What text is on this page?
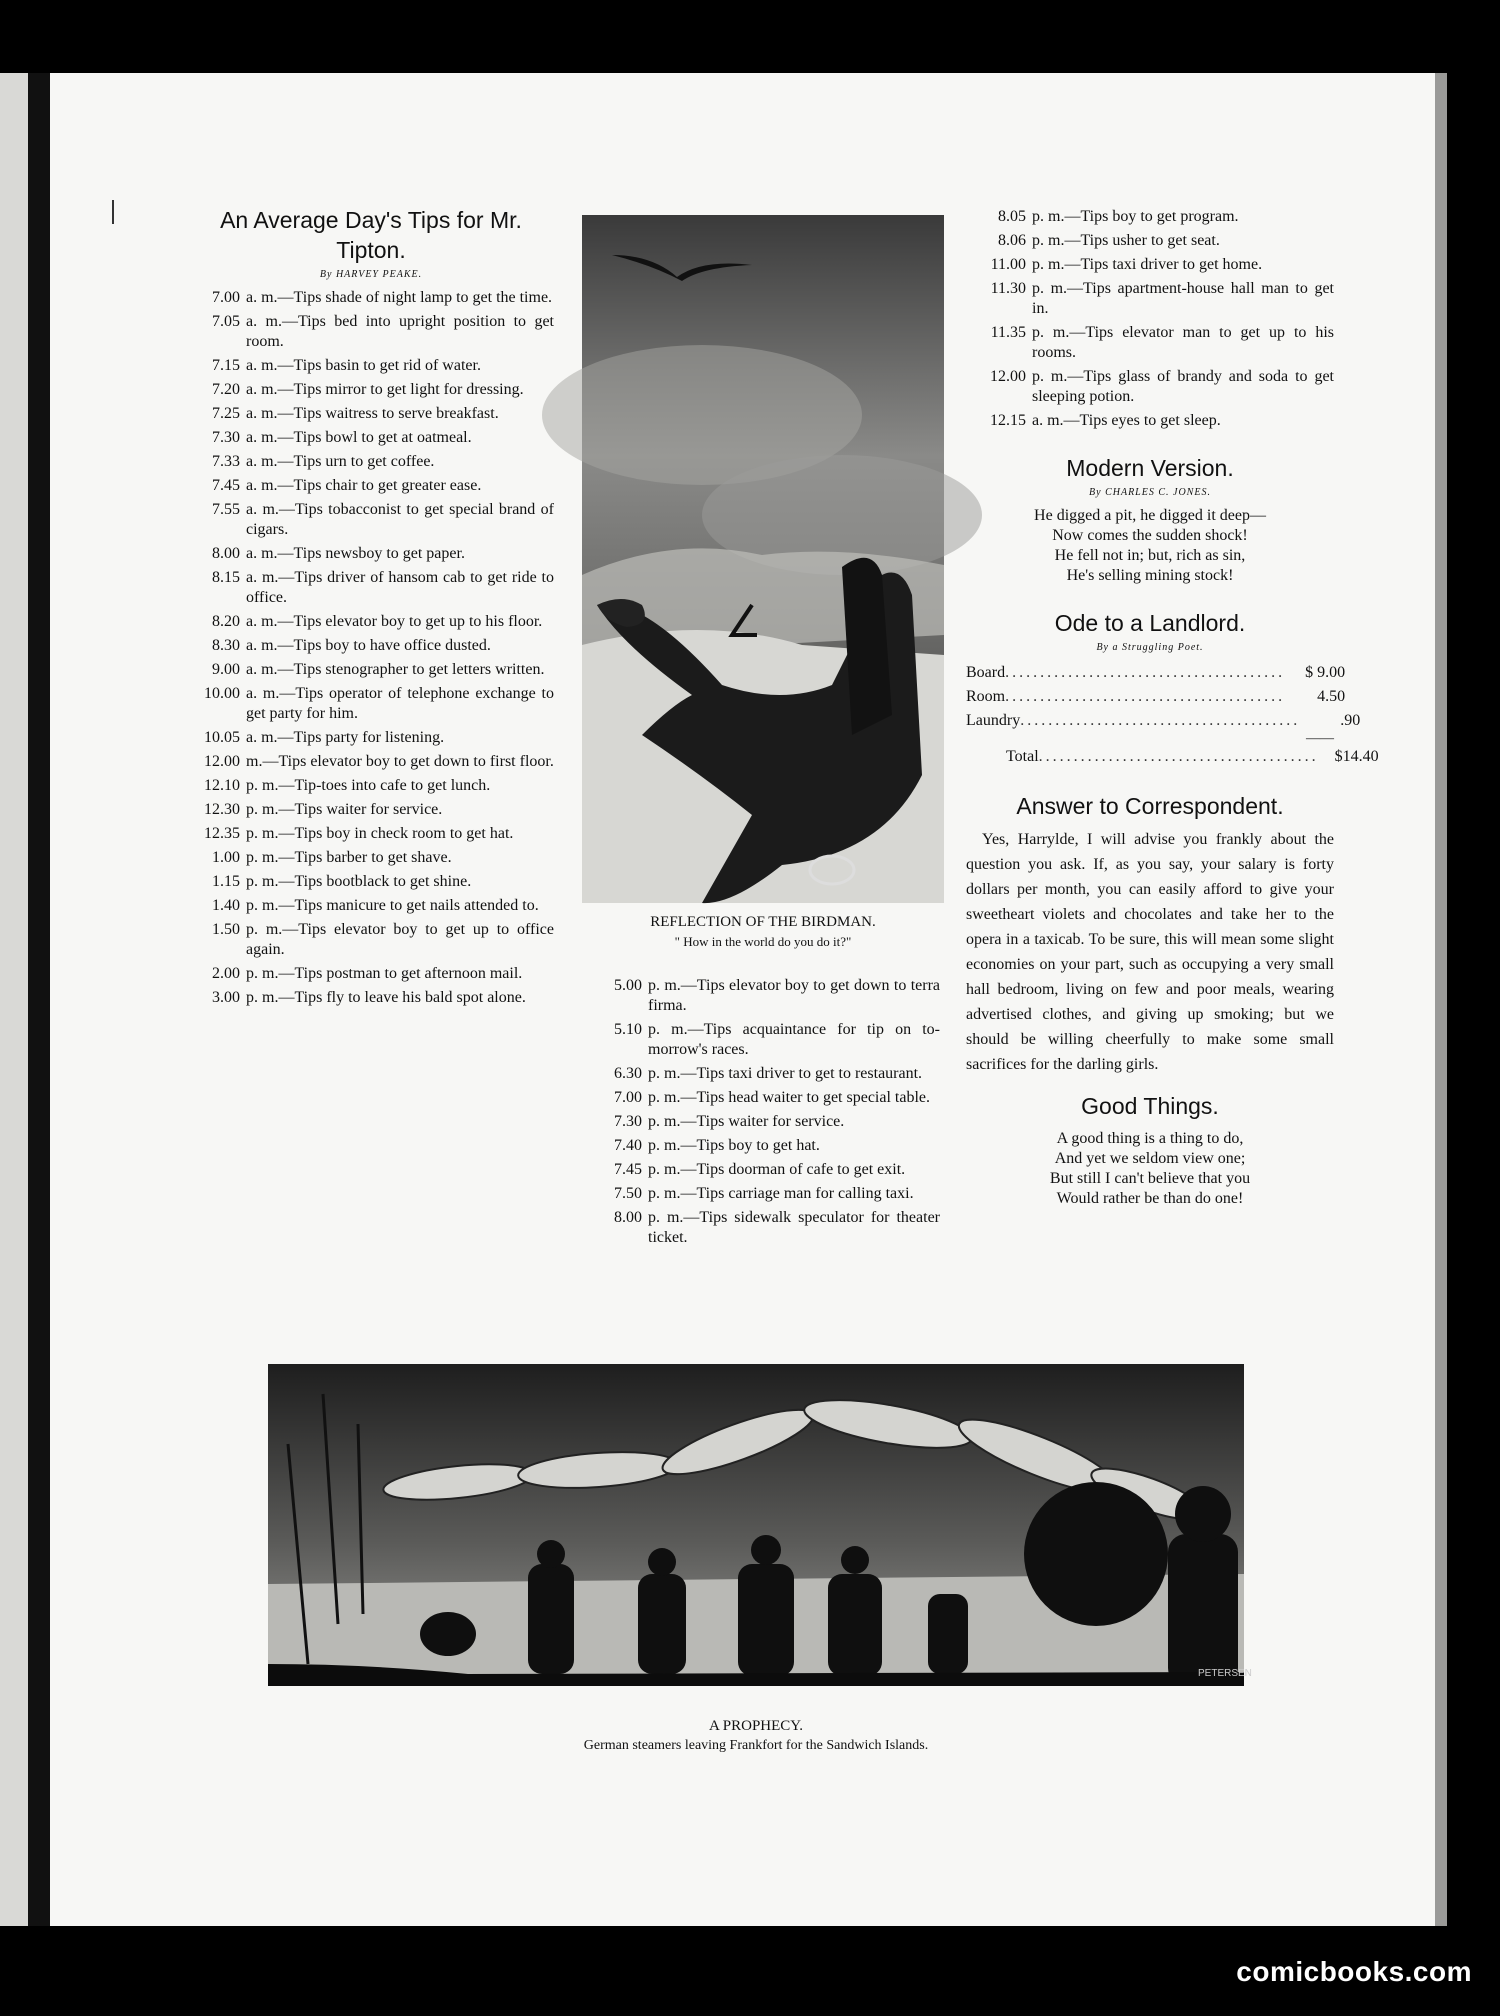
An Average Day's Tips for Mr. Tipton.
By HARVEY PEAKE.
7.00 a. m.—Tips shade of night lamp to get the time.
7.05 a. m.—Tips bed into upright position to get room.
7.15 a. m.—Tips basin to get rid of water.
7.20 a. m.—Tips mirror to get light for dressing.
7.25 a. m.—Tips waitress to serve breakfast.
7.30 a. m.—Tips bowl to get at oatmeal.
7.33 a. m.—Tips urn to get coffee.
7.45 a. m.—Tips chair to get greater ease.
7.55 a. m.—Tips tobacconist to get special brand of cigars.
8.00 a. m.—Tips newsboy to get paper.
8.15 a. m.—Tips driver of hansom cab to get ride to office.
8.20 a. m.—Tips elevator boy to get up to his floor.
8.30 a. m.—Tips boy to have office dusted.
9.00 a. m.—Tips stenographer to get letters written.
10.00 a. m.—Tips operator of telephone exchange to get party for him.
10.05 a. m.—Tips party for listening.
12.00 m.—Tips elevator boy to get down to first floor.
12.10 p. m.—Tip-toes into cafe to get lunch.
12.30 p. m.—Tips waiter for service.
12.35 p. m.—Tips boy in check room to get hat.
1.00 p. m.—Tips barber to get shave.
1.15 p. m.—Tips bootblack to get shine.
1.40 p. m.—Tips manicure to get nails attended to.
1.50 p. m.—Tips elevator boy to get up to office again.
2.00 p. m.—Tips postman to get afternoon mail.
3.00 p. m.—Tips fly to leave his bald spot alone.
REFLECTION OF THE BIRDMAN.
" How in the world do you do it?"
5.00 p. m.—Tips elevator boy to get down to terra firma.
5.10 p. m.—Tips acquaintance for tip on to-morrow's races.
6.30 p. m.—Tips taxi driver to get to restaurant.
7.00 p. m.—Tips head waiter to get special table.
7.30 p. m.—Tips waiter for service.
7.40 p. m.—Tips boy to get hat.
7.45 p. m.—Tips doorman of cafe to get exit.
7.50 p. m.—Tips carriage man for calling taxi.
8.00 p. m.—Tips sidewalk speculator for theater ticket.
8.05 p. m.—Tips boy to get program.
8.06 p. m.—Tips usher to get seat.
11.00 p. m.—Tips taxi driver to get home.
11.30 p. m.—Tips apartment-house hall man to get in.
11.35 p. m.—Tips elevator man to get up to his rooms.
12.00 p. m.—Tips glass of brandy and soda to get sleeping potion.
12.15 a. m.—Tips eyes to get sleep.
Modern Version.
By CHARLES C. JONES.
He digged a pit, he digged it deep—
Now comes the sudden shock!
He fell not in; but, rich as sin,
He's selling mining stock!
Ode to a Landlord.
By a Struggling Poet.
Board ........................................	$ 9.00
Room ........................................	4.50
Laundry ........................................	.90
——
Total ........................................	$14.40
Answer to Correspondent.

Yes, Harrylde, I will advise you frankly about the question you ask. If, as you say, your salary is forty dollars per month, you can easily afford to give your sweetheart violets and chocolates and take her to the opera in a taxicab. To be sure, this will mean some slight economies on your part, such as occupying a very small hall bedroom, living on few and poor meals, wearing advertised clothes, and giving up smoking; but we should be willing cheerfully to make some small sacrifices for the darling girls.

Good Things.
A good thing is a thing to do,
And yet we seldom view one;
But still I can't believe that you
Would rather be than do one!
PETERSEN
A PROPHECY.
German steamers leaving Frankfort for the Sandwich Islands.
comicbooks.com
